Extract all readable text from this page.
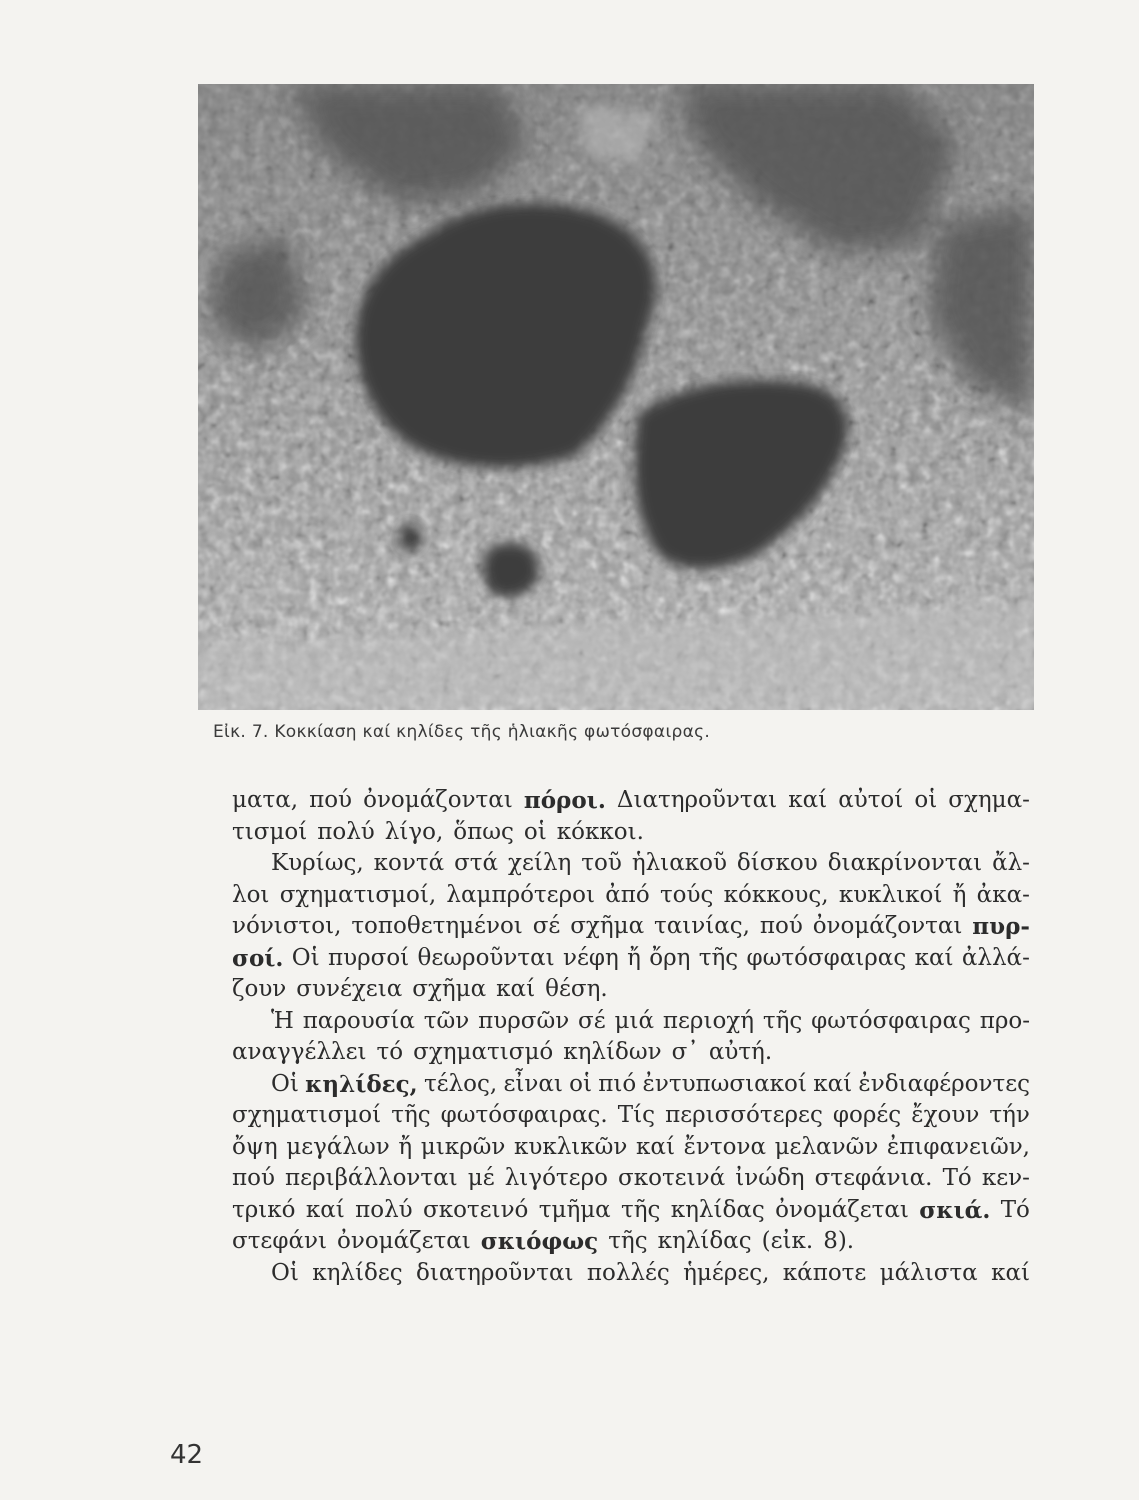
Εἰκ. 7. Κοκκίαση καί κηλίδες τῆς ἡλιακῆς φωτόσφαιρας.
ματα, πού ὀνομάζονται πόροι. Διατηροῦνται καί αὐτοί οἱ σχημα-
τισμοί πολύ λίγο, ὅπως οἱ κόκκοι.
Κυρίως, κοντά στά χείλη τοῦ ἡλιακοῦ δίσκου διακρίνονται ἄλ-
λοι σχηματισμοί, λαμπρότεροι ἀπό τούς κόκκους, κυκλικοί ἤ ἀκα-
νόνιστοι, τοποθετημένοι σέ σχῆμα ταινίας, πού ὀνομάζονται πυρ-
σοί. Οἱ πυρσοί θεωροῦνται νέφη ἤ ὄρη τῆς φωτόσφαιρας καί ἀλλά-
ζουν συνέχεια σχῆμα καί θέση.
Ἡ παρουσία τῶν πυρσῶν σέ μιά περιοχή τῆς φωτόσφαιρας προ-
αναγγέλλει τό σχηματισμό κηλίδων σ᾿ αὐτή.
Οἱ κηλίδες, τέλος, εἶναι οἱ πιό ἐντυπωσιακοί καί ἐνδιαφέροντες
σχηματισμοί τῆς φωτόσφαιρας. Τίς περισσότερες φορές ἔχουν τήν
ὄψη μεγάλων ἤ μικρῶν κυκλικῶν καί ἔντονα μελανῶν ἐπιφανειῶν,
πού περιβάλλονται μέ λιγότερο σκοτεινά ἰνώδη στεφάνια. Τό κεν-
τρικό καί πολύ σκοτεινό τμῆμα τῆς κηλίδας ὀνομάζεται σκιά. Τό
στεφάνι ὀνομάζεται σκιόφως τῆς κηλίδας (εἰκ. 8).
Οἱ κηλίδες διατηροῦνται πολλές ἡμέρες, κάποτε μάλιστα καί
42
